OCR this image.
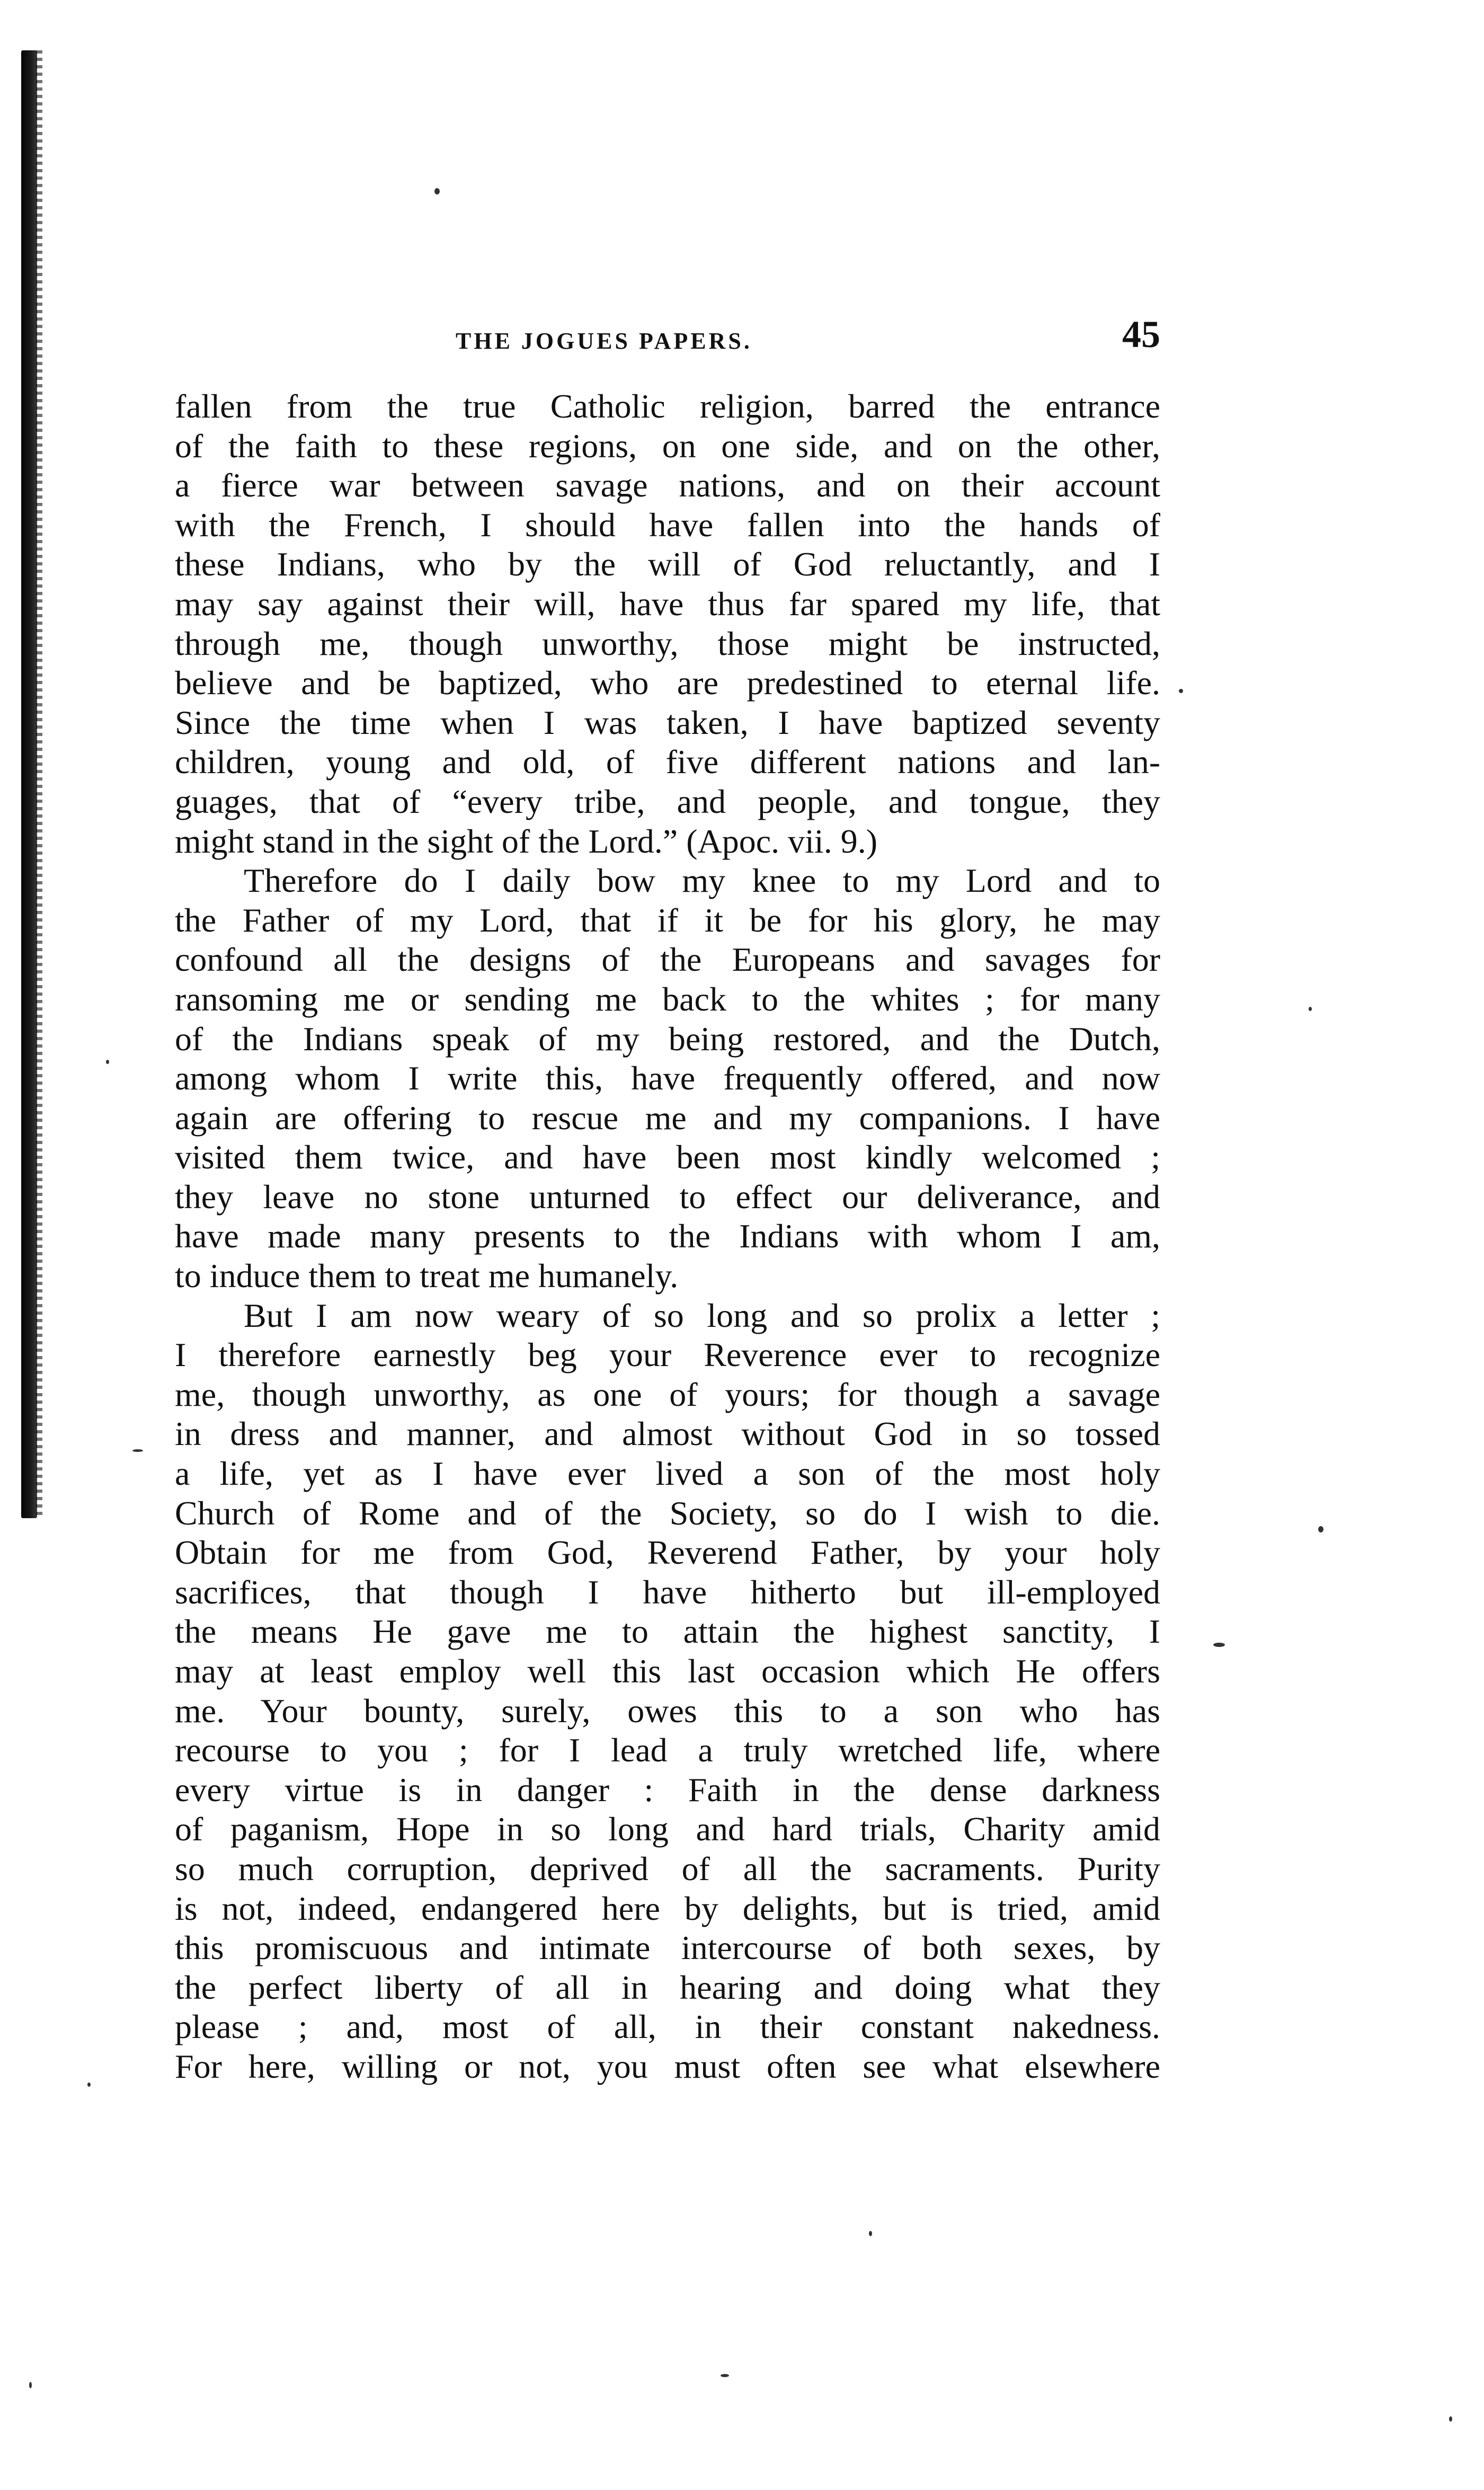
THE JOGUES PAPERS.	45
fallen from the true Catholic religion, barred the entrance
of the faith to these regions, on one side, and on the other,
a fierce war between savage nations, and on their account
with the French, I should have fallen into the hands of
these Indians, who by the will of God reluctantly, and I
may say against their will, have thus far spared my life, that
through me, though unworthy, those might be instructed,
believe and be baptized, who are predestined to eternal life.
Since the time when I was taken, I have baptized seventy
children, young and old, of five different nations and lan-
guages, that of “every tribe, and people, and tongue, they
might stand in the sight of the Lord.” (Apoc. vii. 9.)
Therefore do I daily bow my knee to my Lord and to
the Father of my Lord, that if it be for his glory, he may
confound all the designs of the Europeans and savages for
ransoming me or sending me back to the whites ; for many
of the Indians speak of my being restored, and the Dutch,
among whom I write this, have frequently offered, and now
again are offering to rescue me and my companions. I have
visited them twice, and have been most kindly welcomed ;
they leave no stone unturned to effect our deliverance, and
have made many presents to the Indians with whom I am,
to induce them to treat me humanely.
But I am now weary of so long and so prolix a letter ;
I therefore earnestly beg your Reverence ever to recognize
me, though unworthy, as one of yours; for though a savage
in dress and manner, and almost without God in so tossed
a life, yet as I have ever lived a son of the most holy
Church of Rome and of the Society, so do I wish to die.
Obtain for me from God, Reverend Father, by your holy
sacrifices, that though I have hitherto but ill-employed
the means He gave me to attain the highest sanctity, I
may at least employ well this last occasion which He offers
me. Your bounty, surely, owes this to a son who has
recourse to you ; for I lead a truly wretched life, where
every virtue is in danger : Faith in the dense darkness
of paganism, Hope in so long and hard trials, Charity amid
so much corruption, deprived of all the sacraments. Purity
is not, indeed, endangered here by delights, but is tried, amid
this promiscuous and intimate intercourse of both sexes, by
the perfect liberty of all in hearing and doing what they
please ; and, most of all, in their constant nakedness.
For here, willing or not, you must often see what elsewhere
